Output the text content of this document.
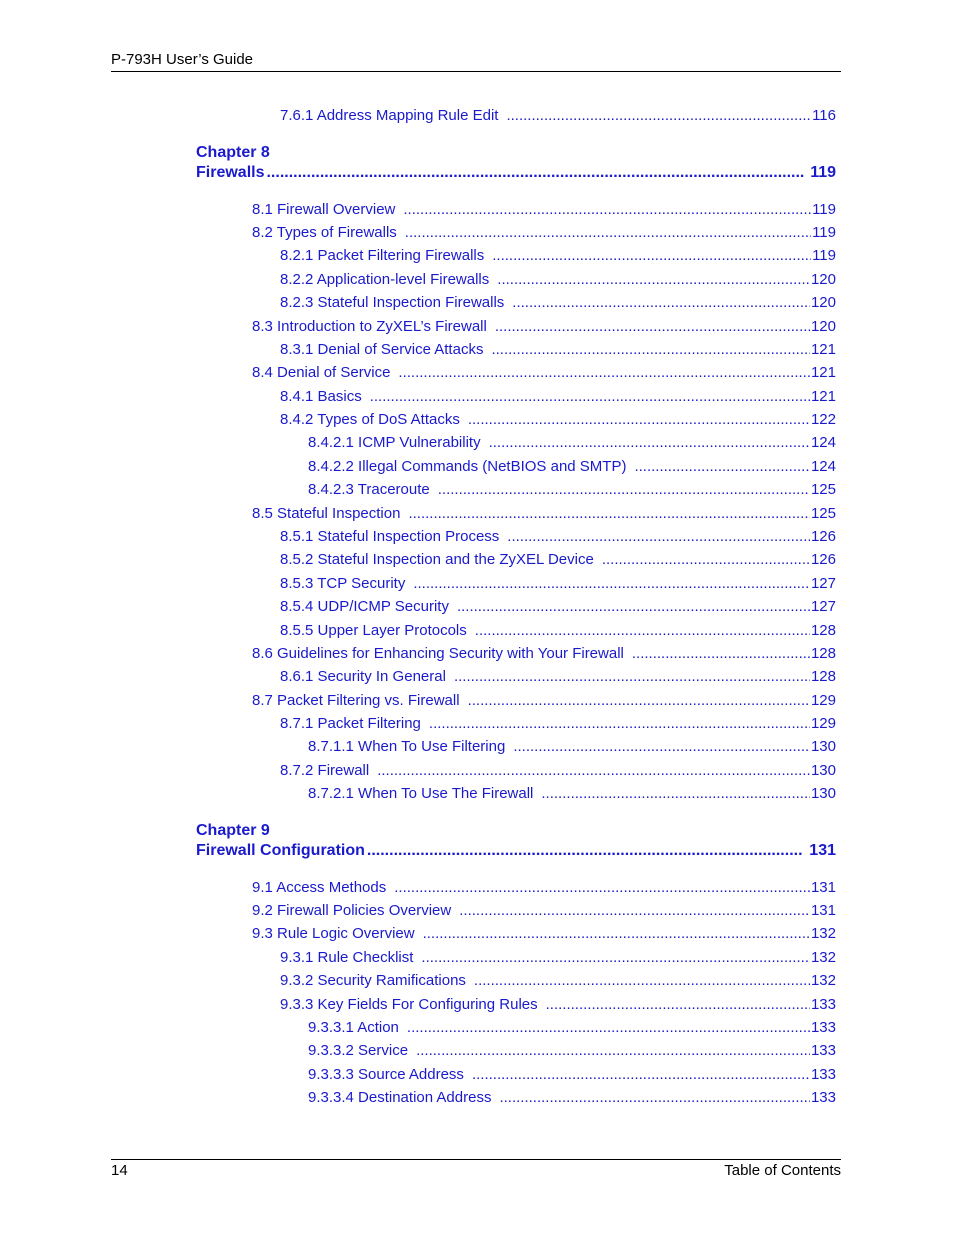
P-793H User’s Guide
7.6.1 Address Mapping Rule Edit .....	116
Chapter 8
Firewalls .....	119
8.1 Firewall Overview .....	119
8.2 Types of Firewalls .....	119
8.2.1 Packet Filtering Firewalls .....	119
8.2.2 Application-level Firewalls .....	120
8.2.3 Stateful Inspection Firewalls .....	120
8.3 Introduction to ZyXEL’s Firewall .....	120
8.3.1 Denial of Service Attacks .....	121
8.4 Denial of Service .....	121
8.4.1 Basics .....	121
8.4.2 Types of DoS Attacks .....	122
8.4.2.1 ICMP Vulnerability .....	124
8.4.2.2 Illegal Commands (NetBIOS and SMTP) .....	124
8.4.2.3 Traceroute .....	125
8.5 Stateful Inspection .....	125
8.5.1 Stateful Inspection Process .....	126
8.5.2 Stateful Inspection and the ZyXEL Device .....	126
8.5.3 TCP Security .....	127
8.5.4 UDP/ICMP Security .....	127
8.5.5 Upper Layer Protocols .....	128
8.6 Guidelines for Enhancing Security with Your Firewall .....	128
8.6.1 Security In General .....	128
8.7 Packet Filtering vs. Firewall .....	129
8.7.1 Packet Filtering .....	129
8.7.1.1 When To Use Filtering .....	130
8.7.2 Firewall .....	130
8.7.2.1 When To Use The Firewall .....	130
Chapter 9
Firewall Configuration .....	131
9.1 Access Methods .....	131
9.2 Firewall Policies Overview .....	131
9.3 Rule Logic Overview .....	132
9.3.1 Rule Checklist .....	132
9.3.2 Security Ramifications .....	132
9.3.3 Key Fields For Configuring Rules .....	133
9.3.3.1 Action .....	133
9.3.3.2 Service .....	133
9.3.3.3 Source Address .....	133
9.3.3.4 Destination Address .....	133
14	Table of Contents
